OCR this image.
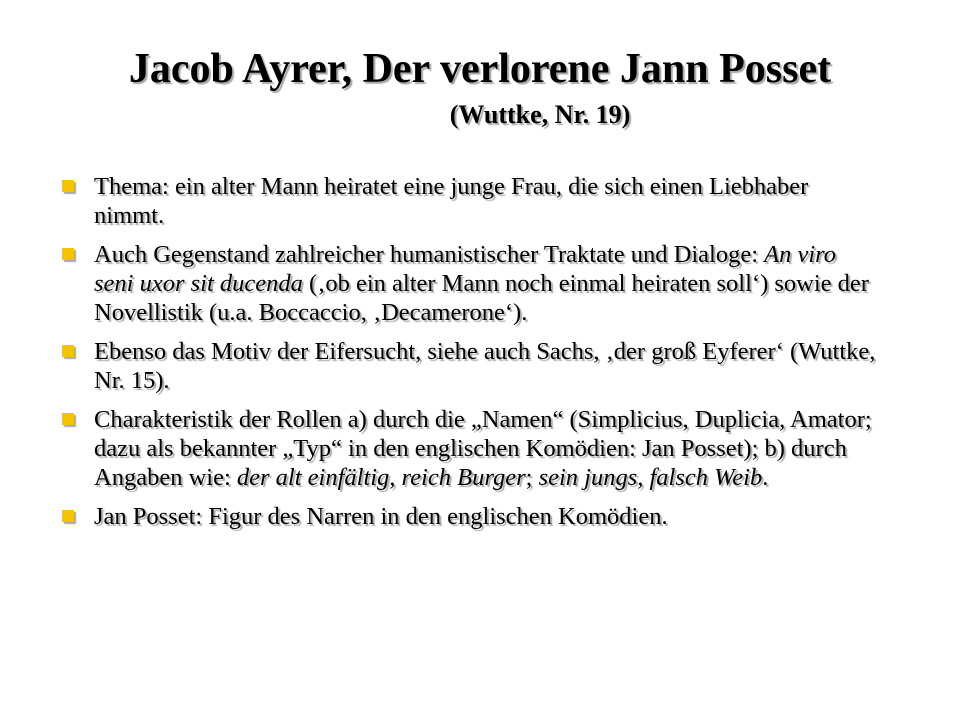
Jacob Ayrer, Der verlorene Jann Posset
(Wuttke, Nr. 19)
Thema: ein alter Mann heiratet eine junge Frau, die sich einen Liebhaber nimmt.
Auch Gegenstand zahlreicher humanistischer Traktate und Dialoge: An viro seni uxor sit ducenda (‚ob ein alter Mann noch einmal heiraten soll‘) sowie der Novellistik (u.a. Boccaccio, ‚Decamerone‘).
Ebenso das Motiv der Eifersucht, siehe auch Sachs, ‚der groß Eyferer‘ (Wuttke, Nr. 15).
Charakteristik der Rollen a) durch die „Namen“ (Simplicius, Duplicia, Amator; dazu als bekannter „Typ“ in den englischen Komödien: Jan Posset); b) durch Angaben wie: der alt einfältig, reich Burger; sein jungs, falsch Weib.
Jan Posset: Figur des Narren in den englischen Komödien.
